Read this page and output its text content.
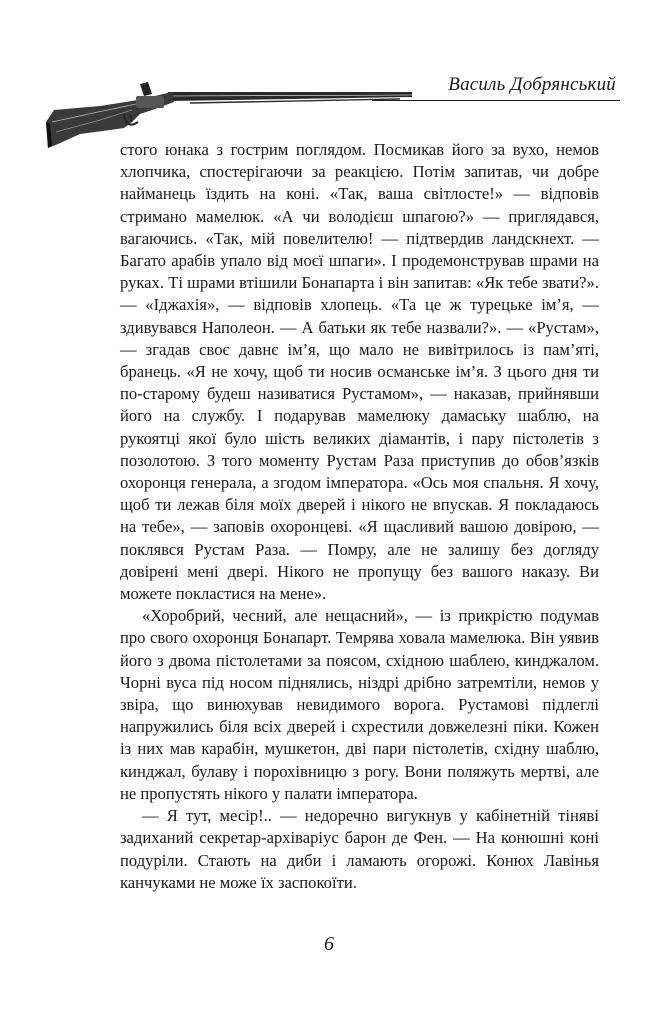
Василь Добрянський

стого юнака з гострим поглядом. Посмикав його за вухо, немов хлопчика, спостерігаючи за реакцією. Потім запитав, чи добре найманець їздить на коні. «Так, ваша світлосте!» — відповів стримано мамелюк. «А чи володієш шпагою?» — приглядався, вагаючись. «Так, мій повелителю! — підтвердив ландскнехт. — Багато арабів упало від моєї шпаги». І продемонстрував шрами на руках. Ті шрами втішили Бонапарта і він запитав: «Як тебе звати?». — «Іджахія», — відповів хлопець. «Та це ж турецьке ім’я, — здивувався Наполеон. — А батьки як тебе назвали?». — «Рустам», — згадав своє давнє ім’я, що мало не вивітрилось із пам’яті, бранець. «Я не хочу, щоб ти носив османське ім’я. З цього дня ти по-старому будеш називатися Рустамом», — наказав, прийнявши його на службу. І подарував мамелюку дамаську шаблю, на рукоятці якої було шість великих діамантів, і пару пістолетів з позолотою. З того моменту Рустам Раза приступив до обов’язків охоронця генерала, а згодом імператора. «Ось моя спальня. Я хочу, щоб ти лежав біля моїх дверей і нікого не впускав. Я покладаюсь на тебе», — заповів охоронцеві. «Я щасливий вашою довірою, — поклявся Рустам Раза. — Помру, але не залишу без догляду довірені мені двері. Нікого не пропущу без вашого наказу. Ви можете покластися на мене».

«Хоробрий, чесний, але нещасний», — із прикрістю подумав про свого охоронця Бонапарт. Темрява ховала мамелюка. Він уявив його з двома пістолетами за поясом, східною шаблею, кинджалом. Чорні вуса під носом піднялись, ніздрі дрібно затремтіли, немов у звіра, що винюхував невидимого ворога. Рустамові підлеглі напружились біля всіх дверей і схрестили довжелезні піки. Кожен із них мав карабін, мушкетон, дві пари пістолетів, східну шаблю, кинджал, булаву і порохівницю з рогу. Вони поляжуть мертві, але не пропустять нікого у палати імператора.

— Я тут, месір!.. — недоречно вигукнув у кабінетній тіняві задиханий секретар-архіваріус барон де Фен. — На конюшні коні подуріли. Стають на диби і ламають огорожі. Конюх Лавінья канчуками не може їх заспокоїти.

6
